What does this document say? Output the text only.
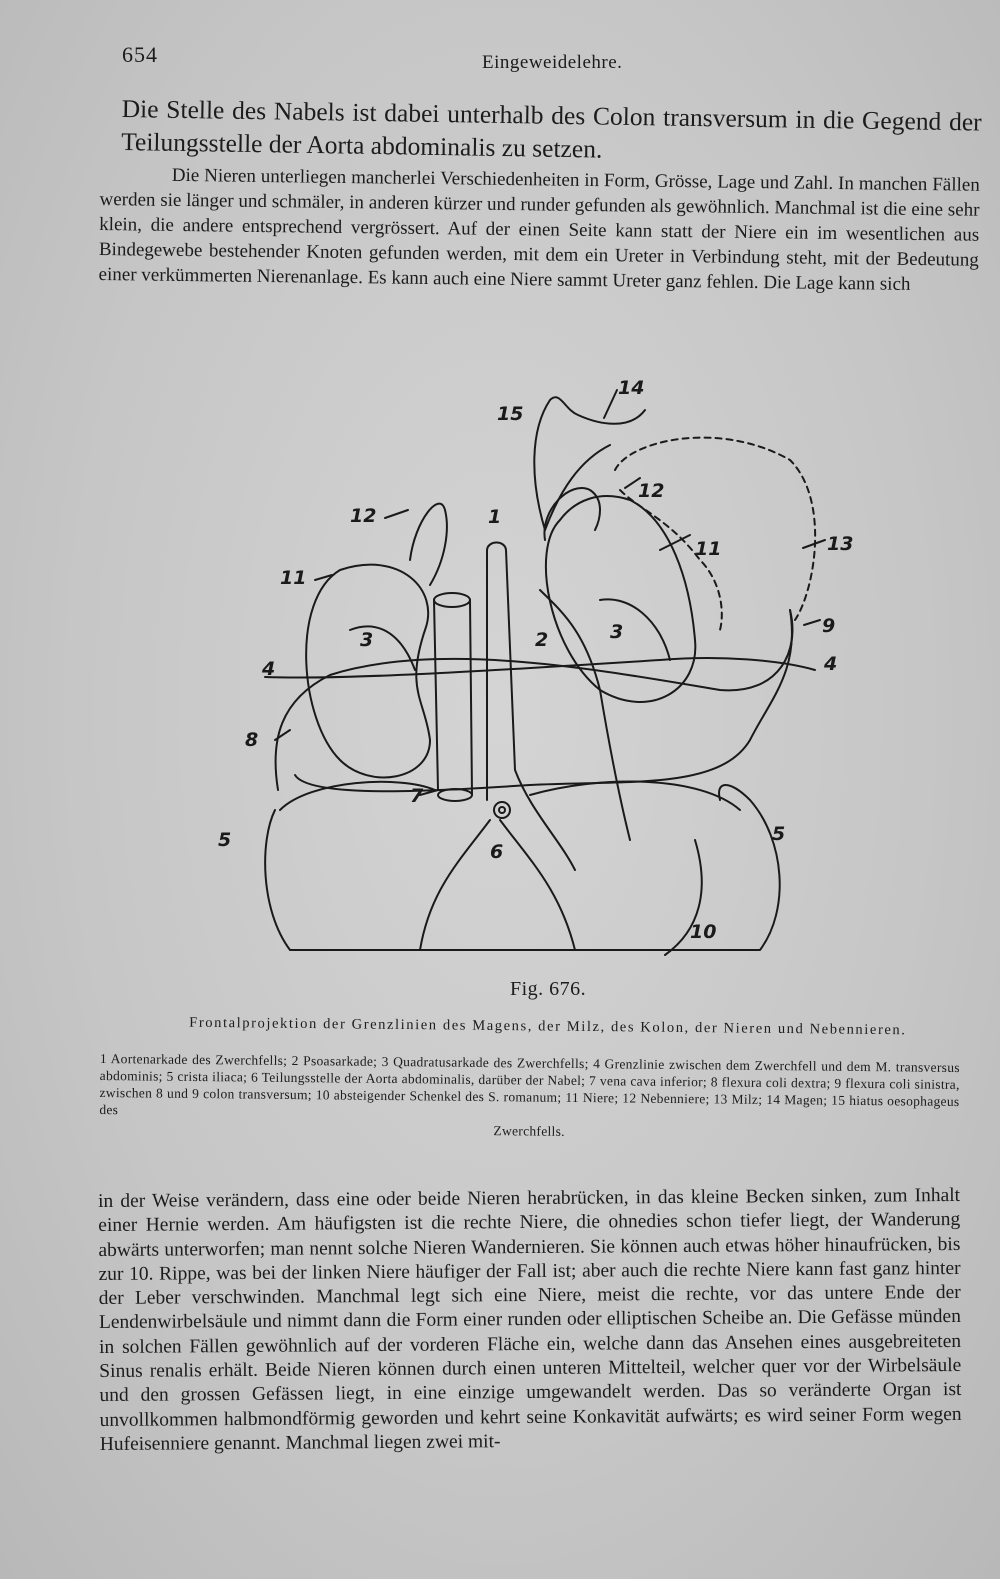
654	Eingeweidelehre.

Die Stelle des Nabels ist dabei unterhalb des Colon transversum in die Gegend der Teilungsstelle der Aorta abdominalis zu setzen.

Die Nieren unterliegen mancherlei Verschiedenheiten in Form, Grösse, Lage und Zahl. In manchen Fällen werden sie länger und schmäler, in anderen kürzer und runder gefunden als gewöhnlich. Manchmal ist die eine sehr klein, die andere entsprechend vergrössert. Auf der einen Seite kann statt der Niere ein im wesentlichen aus Bindegewebe bestehender Knoten gefunden werden, mit dem ein Ureter in Verbindung steht, mit der Bedeutung einer verkümmerten Nierenanlage. Es kann auch eine Niere sammt Ureter ganz fehlen. Die Lage kann sich

15
14
12	1
12
11
11	13
3	2	3	9
4	4
8
7
5
6
5
10
Fig. 676.
Frontalprojektion der Grenzlinien des Magens, der Milz, des Kolon, der Nieren und Nebennieren.
1 Aortenarkade des Zwerchfells; 2 Psoasarkade; 3 Quadratusarkade des Zwerchfells; 4 Grenzlinie zwischen dem Zwerchfell und dem M. transversus abdominis; 5 crista iliaca; 6 Teilungsstelle der Aorta abdominalis, darüber der Nabel; 7 vena cava inferior; 8 flexura coli dextra; 9 flexura coli sinistra, zwischen 8 und 9 colon transversum; 10 absteigender Schenkel des S. romanum; 11 Niere; 12 Nebenniere; 13 Milz; 14 Magen; 15 hiatus oesophageus des
Zwerchfells.

in der Weise verändern, dass eine oder beide Nieren herabrücken, in das kleine Becken sinken, zum Inhalt einer Hernie werden. Am häufigsten ist die rechte Niere, die ohnedies schon tiefer liegt, der Wanderung abwärts unterworfen; man nennt solche Nieren Wandernieren. Sie können auch etwas höher hinaufrücken, bis zur 10. Rippe, was bei der linken Niere häufiger der Fall ist; aber auch die rechte Niere kann fast ganz hinter der Leber verschwinden. Manchmal legt sich eine Niere, meist die rechte, vor das untere Ende der Lendenwirbelsäule und nimmt dann die Form einer runden oder elliptischen Scheibe an. Die Gefässe münden in solchen Fällen gewöhnlich auf der vorderen Fläche ein, welche dann das Ansehen eines ausgebreiteten Sinus renalis erhält. Beide Nieren können durch einen unteren Mittelteil, welcher quer vor der Wirbelsäule und den grossen Gefässen liegt, in eine einzige umgewandelt werden. Das so veränderte Organ ist unvollkommen halbmondförmig geworden und kehrt seine Konkavität aufwärts; es wird seiner Form wegen Hufeisenniere genannt. Manchmal liegen zwei mit-
